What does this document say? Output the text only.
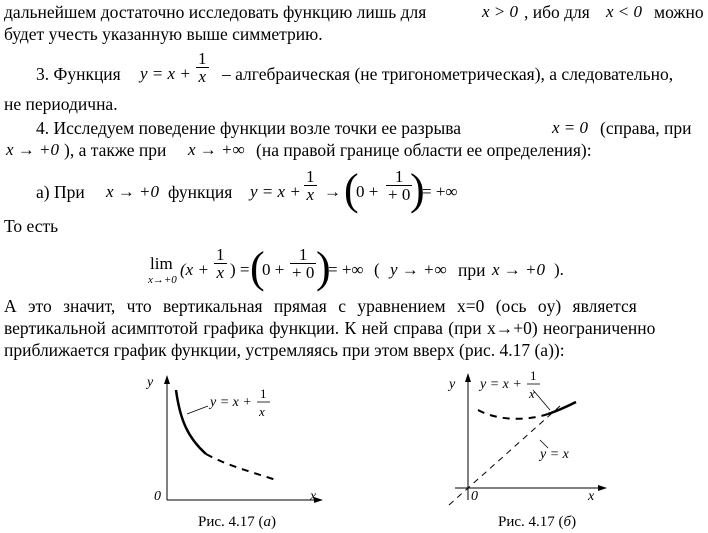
дальнейшем достаточно исследовать функцию лишь для	x > 0 , ибо для x < 0 можно
будет учесть указанную выше симметрию.
3. Функция $y = x + \frac{1}{x}$ – алгебраическая (не тригонометрическая), а следовательно,
не периодична.
4. Исследуем поведение функции возле точки ее разрыва	x = 0 (справа, при
x → +0 ), а также при x → +∞ (на правой границе области ее определения):
а) При x → +0 функция $y = x + \frac{1}{x}$ → (
$0 + \frac{1}{+ 0}$
)
= +∞
То есть
lim
x→+0
($x + \frac{1}{x}$ ) = (
$0 + \frac{1}{+ 0}$ )
= +∞ ( y → +∞ при x → +0 ).
А это значит, что вертикальная прямая с уравнением x=0 (ось oy) является
вертикальной асимптотой графика функции. К ней справа (при x→+0) неограниченно
приближается график функции, устремляясь при этом вверх (рис. 4.17 (а)):
y
x
0
y = x +
1
x
y
x
0
y = x +
1
x
y = x
Рис. 4.17 (а)	Рис. 4.17 (б)
